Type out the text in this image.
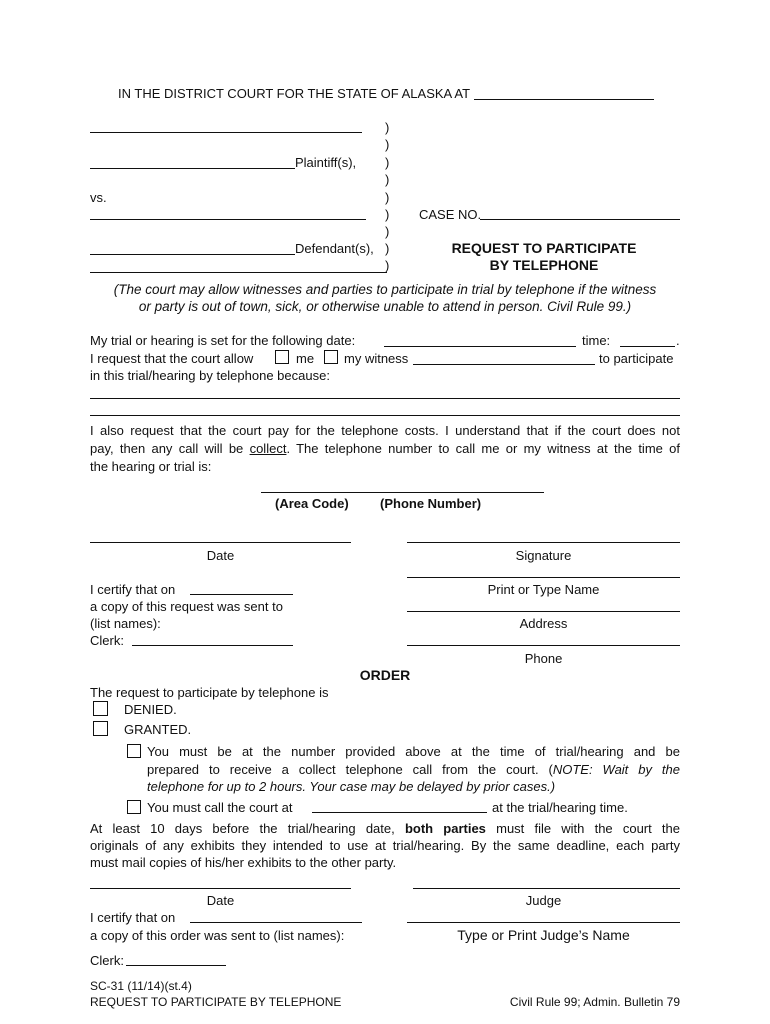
IN THE DISTRICT COURT FOR THE STATE OF ALASKA AT
Plaintiff(s),
vs.
Defendant(s),
)
)
)
)
)
)
)
)
)
CASE NO.
REQUEST TO PARTICIPATE
BY TELEPHONE
(The court may allow witnesses and parties to participate in trial by telephone if the witness
or party is out of town, sick, or otherwise unable to attend in person. Civil Rule 99.)
My trial or hearing is set for the following date:	time:	.
I request that the court allow	me my witness	to participate
in this trial/hearing by telephone because:
I also request that the court pay for the telephone costs. I understand that if the court does not
pay, then any call will be collect. The telephone number to call me or my witness at the time of
the hearing or trial is:
(Area Code) (Phone Number)
Date	Signature
Print or Type Name
I certify that on
a copy of this request was sent to
(list names):
Clerk:
Address
Phone
ORDER
The request to participate by telephone is
DENIED.
GRANTED.
You must be at the number provided above at the time of trial/hearing and be
prepared to receive a collect telephone call from the court. (NOTE: Wait by the
telephone for up to 2 hours. Your case may be delayed by prior cases.)
You must call the court at	at the trial/hearing time.
At least 10 days before the trial/hearing date, both parties must file with the court the
originals of any exhibits they intended to use at trial/hearing. By the same deadline, each party
must mail copies of his/her exhibits to the other party.
Date	Judge
I certify that on
a copy of this order was sent to (list names):	Type or Print Judge’s Name
Clerk:
SC-31 (11/14)(st.4)
REQUEST TO PARTICIPATE BY TELEPHONE	Civil Rule 99; Admin. Bulletin 79
